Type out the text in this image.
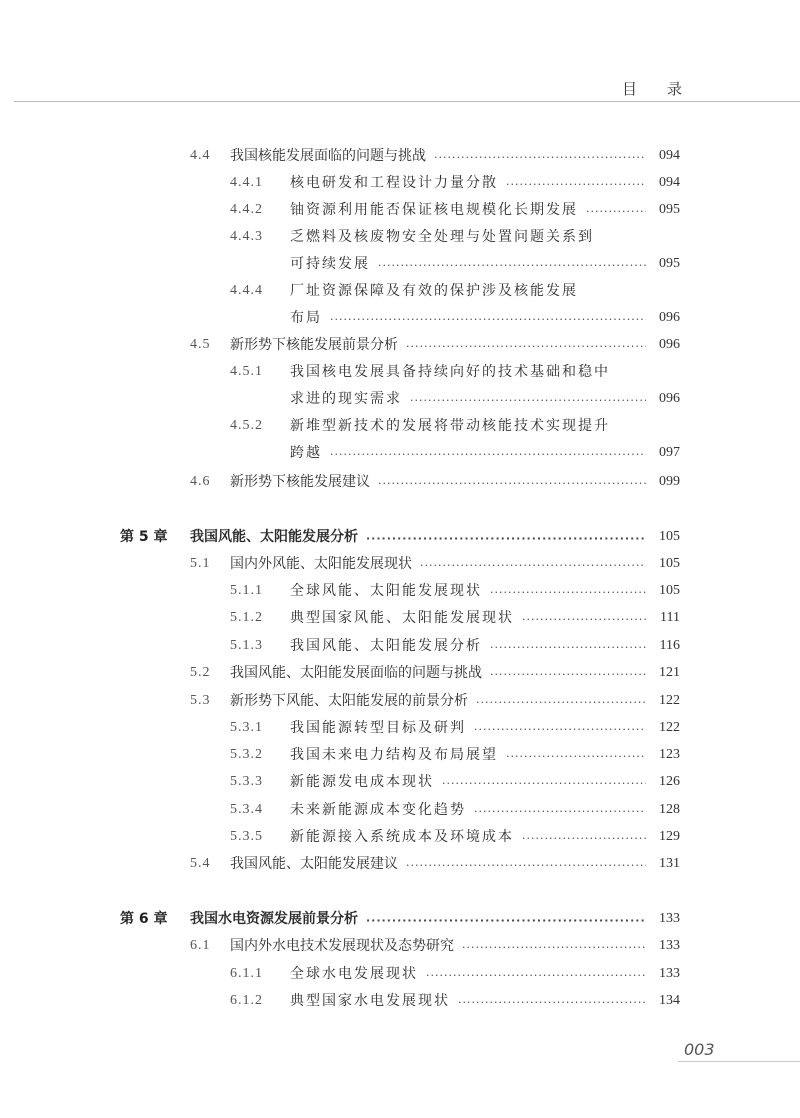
目录
4.4	我国核能发展面临的问题与挑战 ·····	094
4.4.1	核电研发和工程设计力量分散 ·····	094
4.4.2	铀资源利用能否保证核电规模化长期发展 ·····	095
4.4.3	乏燃料及核废物安全处理与处置问题关系到
可持续发展 ·····	095
4.4.4	厂址资源保障及有效的保护涉及核能发展
布局 ·····	096
4.5	新形势下核能发展前景分析 ·····	096
4.5.1	我国核电发展具备持续向好的技术基础和稳中
求进的现实需求 ·····	096
4.5.2	新堆型新技术的发展将带动核能技术实现提升
跨越 ·····	097
4.6	新形势下核能发展建议 ·····	099
第 5 章	我国风能、太阳能发展分析 ·····	105
5.1	国内外风能、太阳能发展现状 ·····	105
5.1.1	全球风能、太阳能发展现状 ·····	105
5.1.2	典型国家风能、太阳能发展现状 ·····	111
5.1.3	我国风能、太阳能发展分析 ·····	116
5.2	我国风能、太阳能发展面临的问题与挑战 ·····	121
5.3	新形势下风能、太阳能发展的前景分析 ·····	122
5.3.1	我国能源转型目标及研判 ·····	122
5.3.2	我国未来电力结构及布局展望 ·····	123
5.3.3	新能源发电成本现状 ·····	126
5.3.4	未来新能源成本变化趋势 ·····	128
5.3.5	新能源接入系统成本及环境成本 ·····	129
5.4	我国风能、太阳能发展建议 ·····	131
第 6 章	我国水电资源发展前景分析 ·····	133
6.1	国内外水电技术发展现状及态势研究 ·····	133
6.1.1	全球水电发展现状 ·····	133
6.1.2	典型国家水电发展现状 ·····	134
003
